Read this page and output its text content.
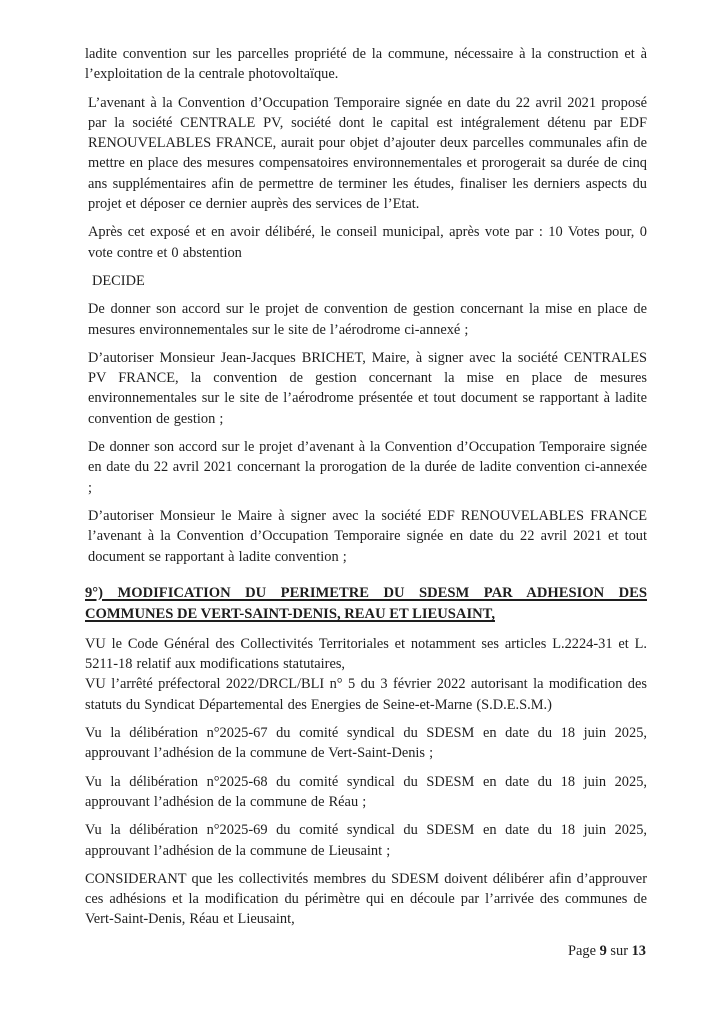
ladite convention sur les parcelles propriété de la commune, nécessaire à la construction et à l’exploitation de la centrale photovoltaïque.

L’avenant à la Convention d’Occupation Temporaire signée en date du 22 avril 2021 proposé par la société CENTRALE PV, société dont le capital est intégralement détenu par EDF RENOUVELABLES FRANCE, aurait pour objet d’ajouter deux parcelles communales afin de mettre en place des mesures compensatoires environnementales et prorogerait sa durée de cinq ans supplémentaires afin de permettre de terminer les études, finaliser les derniers aspects du projet et déposer ce dernier auprès des services de l’Etat.

Après cet exposé et en avoir délibéré, le conseil municipal, après vote par : 10 Votes pour, 0 vote contre et 0 abstention

DECIDE

De donner son accord sur le projet de convention de gestion concernant la mise en place de mesures environnementales sur le site de l’aérodrome ci-annexé ;

D’autoriser Monsieur Jean-Jacques BRICHET, Maire, à signer avec la société CENTRALES PV FRANCE, la convention de gestion concernant la mise en place de mesures environnementales sur le site de l’aérodrome présentée et tout document se rapportant à ladite convention de gestion ;

De donner son accord sur le projet d’avenant à la Convention d’Occupation Temporaire signée en date du 22 avril 2021 concernant la prorogation de la durée de ladite convention ci-annexée ;

D’autoriser Monsieur le Maire à signer avec la société EDF RENOUVELABLES FRANCE l’avenant à la Convention d’Occupation Temporaire signée en date du 22 avril 2021 et tout document se rapportant à ladite convention ;

9°) MODIFICATION DU PERIMETRE DU SDESM PAR ADHESION DES
COMMUNES DE VERT-SAINT-DENIS, REAU ET LIEUSAINT,

VU le Code Général des Collectivités Territoriales et notamment ses articles L.2224-31 et L. 5211-18 relatif aux modifications statutaires,

VU l’arrêté préfectoral 2022/DRCL/BLI n° 5 du 3 février 2022 autorisant la modification des statuts du Syndicat Départemental des Energies de Seine-et-Marne (S.D.E.S.M.)

Vu la délibération n°2025-67 du comité syndical du SDESM en date du 18 juin 2025, approuvant l’adhésion de la commune de Vert-Saint-Denis ;

Vu la délibération n°2025-68 du comité syndical du SDESM en date du 18 juin 2025, approuvant l’adhésion de la commune de Réau ;

Vu la délibération n°2025-69 du comité syndical du SDESM en date du 18 juin 2025, approuvant l’adhésion de la commune de Lieusaint ;

CONSIDERANT que les collectivités membres du SDESM doivent délibérer afin d’approuver ces adhésions et la modification du périmètre qui en découle par l’arrivée des communes de Vert-Saint-Denis, Réau et Lieusaint,

Page 9 sur 13
